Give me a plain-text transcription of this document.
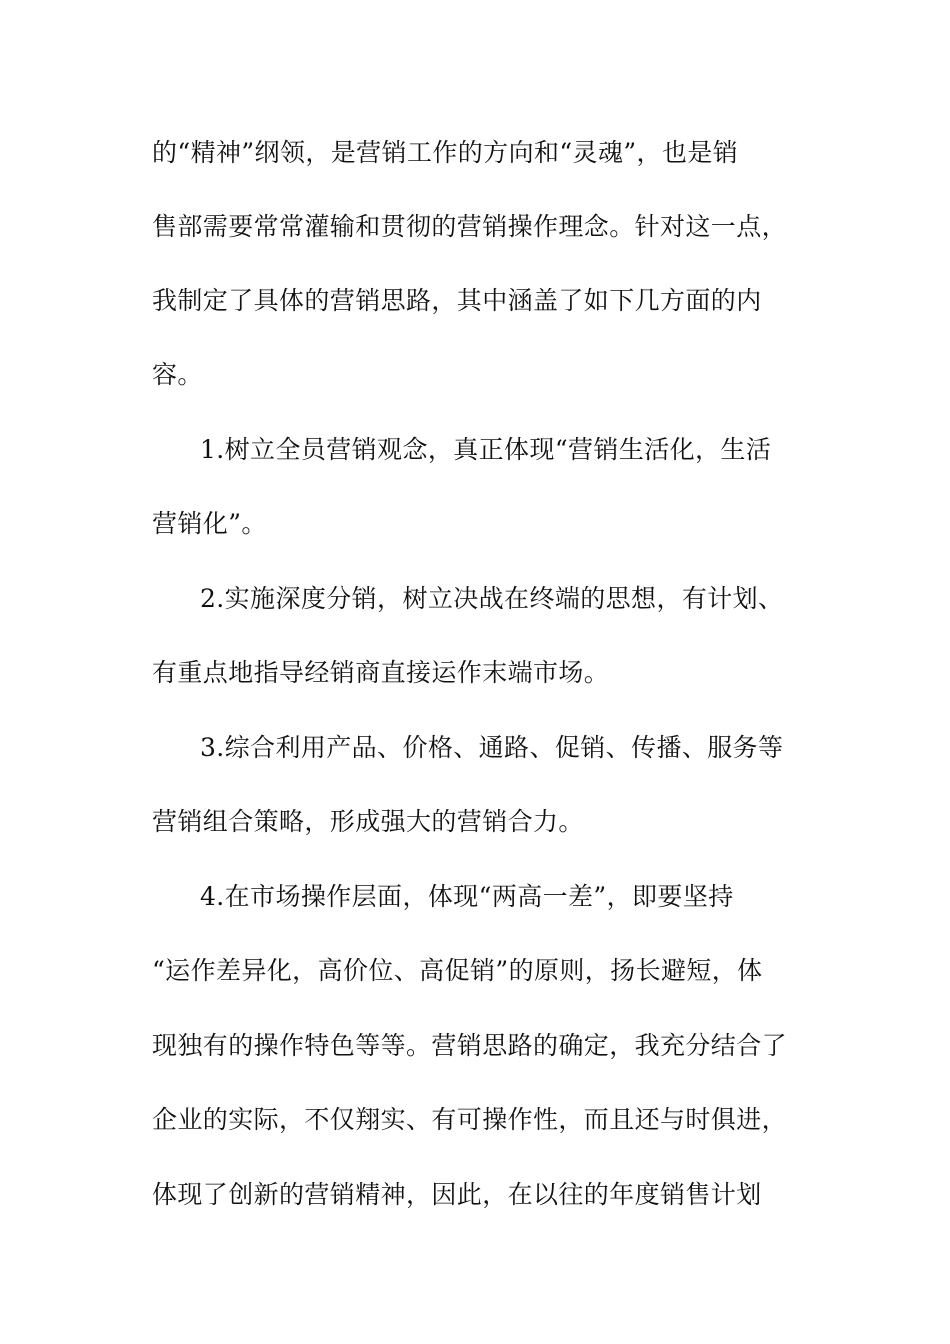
的“精神”纲领，是营销工作的方向和“灵魂”，也是销
售部需要常常灌输和贯彻的营销操作理念。针对这一点，
我制定了具体的营销思路，其中涵盖了如下几方面的内
容。
1.树立全员营销观念，真正体现“营销生活化，生活
营销化”。
2.实施深度分销，树立决战在终端的思想，有计划、
有重点地指导经销商直接运作末端市场。
3.综合利用产品、价格、通路、促销、传播、服务等
营销组合策略，形成强大的营销合力。
4.在市场操作层面，体现“两高一差”，即要坚持
“运作差异化，高价位、高促销”的原则，扬长避短，体
现独有的操作特色等等。营销思路的确定，我充分结合了
企业的实际，不仅翔实、有可操作性，而且还与时俱进，
体现了创新的营销精神，因此，在以往的年度销售计划
